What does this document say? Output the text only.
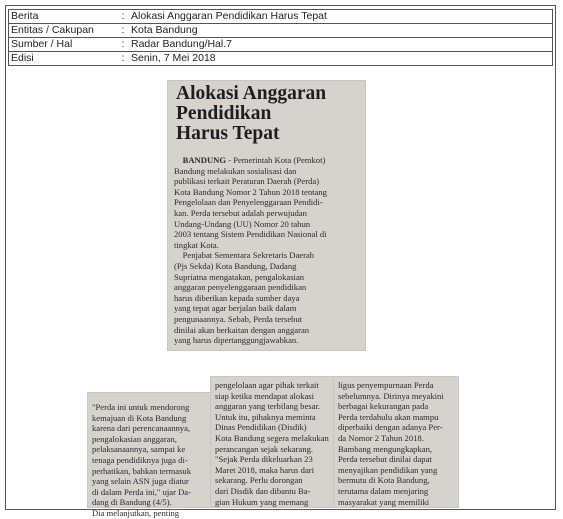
Berita	:	Alokasi Anggaran Pendidikan Harus Tepat
Entitas / Cakupan	:	Kota Bandung
Sumber / Hal	:	Radar Bandung/Hal.7
Edisi	:	Senin, 7 Mei 2018
Alokasi Anggaran
Pendidikan
Harus Tepat

BANDUNG - Pemerintah Kota (Pemkot)
Bandung melakukan sosialisasi dan
publikasi terkait Peraturan Daerah (Perda)
Kota Bandung Nomor 2 Tahun 2018 tentang
Pengelolaan dan Penyelenggaraan Pendidi-
kan. Perda tersebut adalah perwujudan
Undang-Undang (UU) Nomor 20 tahun
2003 tentang Sistem Pendidikan Nasional di
tingkat Kota.

Penjabat Sementara Sekretaris Daerah
(Pjs Sekda) Kota Bandung, Dadang
Supriatna mengatakan, pengalokasian
anggaran penyelenggaraan pendidikan
harus diberikan kepada sumber daya
yang tepat agar berjalan baik dalam
pengunaannya. Sebab, Perda tersebut
dinilai akan berkaitan dengan anggaran
yang harus dipertanggungjawabkan.

"Perda ini untuk mendorong
kemajuan di Kota Bandung
karena dari perencanaannya,
pengalokasian anggaran,
pelaksanaannya, sampai ke
tenaga pendidiknya juga di-
perhatikan, bahkan termasuk
yang selain ASN juga diatur
di dalam Perda ini," ujar Da-
dang di Bandung (4/5).
Dia melanjutkan, penting
pengelolaan agar pihak terkait
siap ketika mendapat alokasi
anggaran yang terbilang besar.
Untuk itu, pihaknya meminta
Dinas Pendidikan (Disdik)
Kota Bandung segera melakukan
perancangan sejak sekarang.
"Sejak Perda dikeluarkan 23
Maret 2018, maka harus dari
sekarang. Perlu dorongan
dari Disdik dan dibantu Ba-
gian Hukum yang memang
ligus penyempurnaan Perda
sebelumnya. Dirinya meyakini
berbagai kekurangan pada
Perda terdahulu akan mampu
diperbaiki dengan adanya Per-
da Nomor 2 Tahun 2018.
Bambang mengungkapkan,
Perda tersebut dinilai dapat
menyajikan pendidikan yang
bermutu di Kota Bandung,
terutama dalam menjaring
masyarakat yang memiliki
